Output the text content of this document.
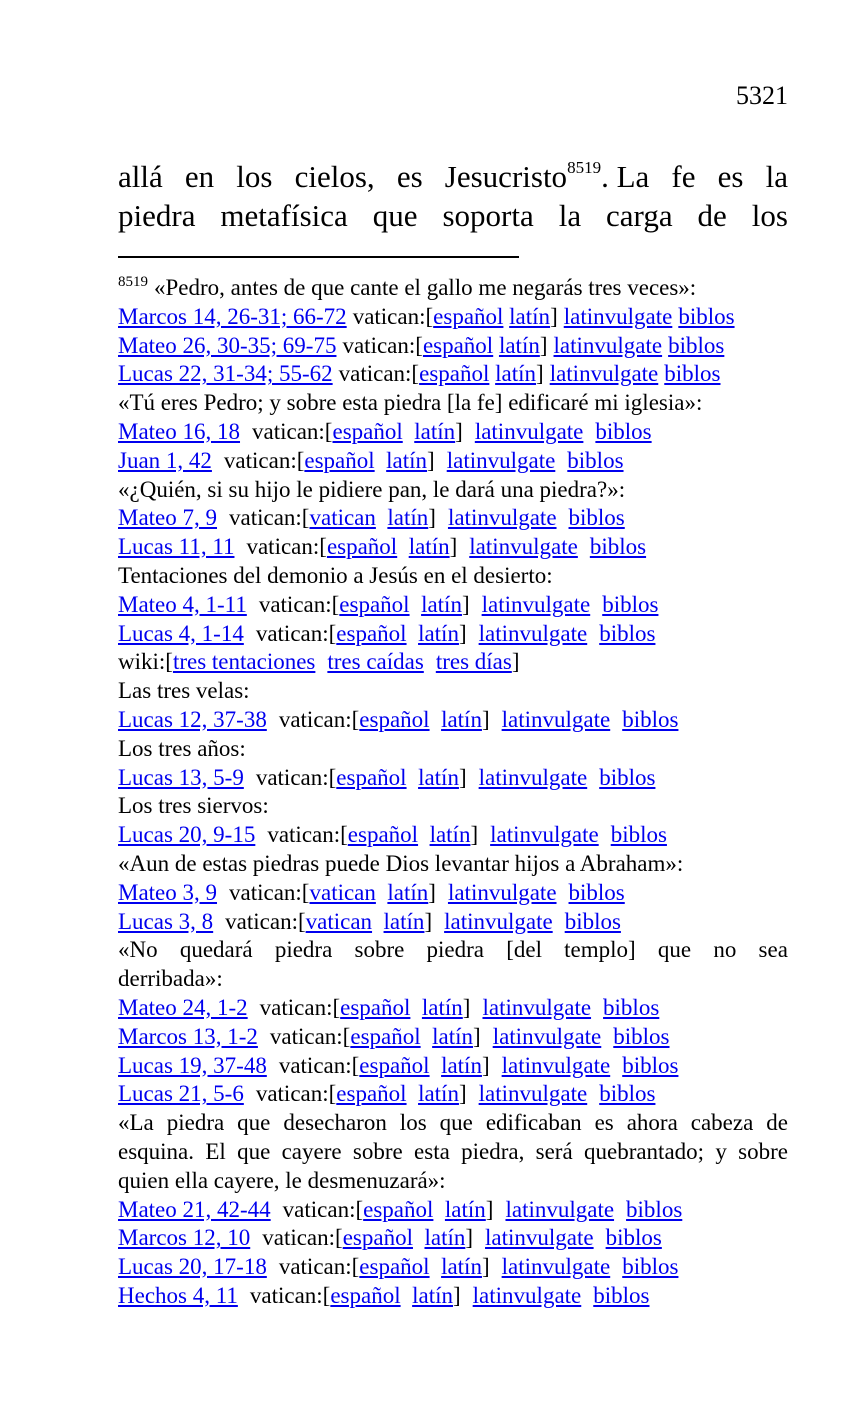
5321
allá en los cielos, es Jesucristo$^{8519}$. La fe es la
piedra metafísica que soporta la carga de los
$^{8519}$ «Pedro, antes de que cante el gallo me negarás tres veces»:
Marcos 14, 26-31; 66-72 vatican:[ español
latín ] latinvulgate biblos
Mateo 26, 30-35; 69-75 vatican:[ español
latín ] latinvulgate biblos
Lucas 22, 31-34; 55-62 vatican:[ español
latín ] latinvulgate biblos
«Tú eres Pedro; y sobre esta piedra [la fe] edificaré mi iglesia»:
Mateo 16, 18 vatican:[ español
latín ] latinvulgate biblos
Juan 1, 42 vatican:[ español
latín ] latinvulgate biblos
«¿Quién, si su hijo le pidiere pan, le dará una piedra?»:
Mateo 7, 9 vatican:[ vatican
latín ] latinvulgate biblos
Lucas 11, 11 vatican:[ español
latín ] latinvulgate biblos
Tentaciones del demonio a Jesús en el desierto:
Mateo 4, 1-11 vatican:[ español
latín ] latinvulgate biblos
Lucas 4, 1-14 vatican:[ español
latín ] latinvulgate biblos
wiki:[ tres tentaciones tres caídas tres días ]
Las tres velas:
Lucas 12, 37-38 vatican:[ español
latín ] latinvulgate biblos
Los tres años:
Lucas 13, 5-9 vatican:[ español
latín ] latinvulgate biblos
Los tres siervos:
Lucas 20, 9-15 vatican:[ español
latín ] latinvulgate biblos
«Aun de estas piedras puede Dios levantar hijos a Abraham»:
Mateo 3, 9 vatican:[ vatican
latín ] latinvulgate biblos
Lucas 3, 8 vatican:[ vatican
latín ] latinvulgate biblos
«No quedará piedra sobre piedra [del templo] que no sea
derribada»:
Mateo 24, 1-2 vatican:[ español
latín ] latinvulgate biblos
Marcos 13, 1-2 vatican:[ español
latín ] latinvulgate biblos
Lucas 19, 37-48 vatican:[ español
latín ] latinvulgate biblos
Lucas 21, 5-6 vatican:[ español
latín ] latinvulgate biblos
«La piedra que desecharon los que edificaban es ahora cabeza de esquina. El que cayere sobre esta piedra, será quebrantado; y sobre quien ella cayere, le desmenuzará»:
Mateo 21, 42-44 vatican:[ español
latín ] latinvulgate biblos
Marcos 12, 10 vatican:[ español
latín ] latinvulgate biblos
Lucas 20, 17-18 vatican:[ español
latín ] latinvulgate biblos
Hechos 4, 11 vatican:[ español
latín ] latinvulgate biblos
